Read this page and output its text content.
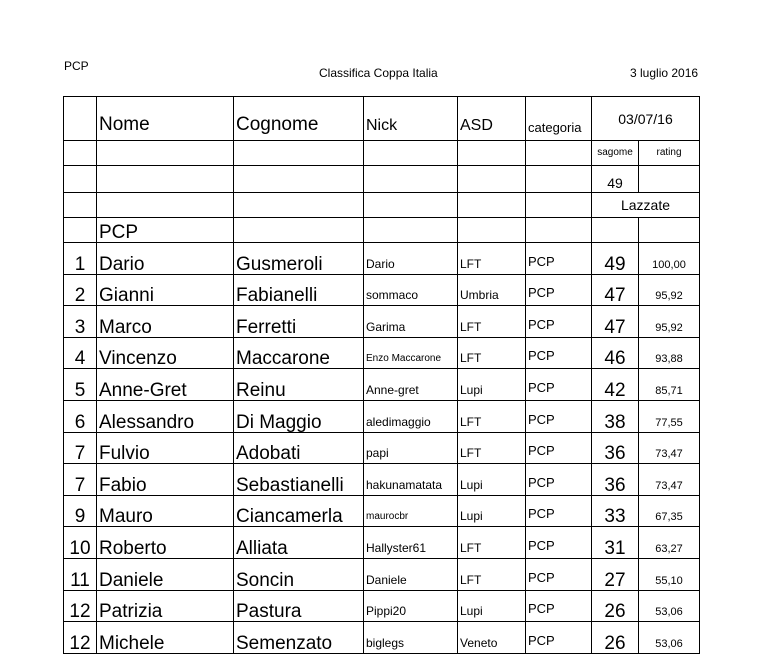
PCP	Classifica Coppa Italia	3 luglio 2016
	Nome	Cognome	Nick	ASD	categoria	03/07/16	
						sagome	rating
						49	
						Lazzate	
	PCP						
1	Dario	Gusmeroli	Dario	LFT	PCP	49	100,00
2	Gianni	Fabianelli	sommaco	Umbria	PCP	47	95,92
3	Marco	Ferretti	Garima	LFT	PCP	47	95,92
4	Vincenzo	Maccarone	Enzo Maccarone	LFT	PCP	46	93,88
5	Anne-Gret	Reinu	Anne-gret	Lupi	PCP	42	85,71
6	Alessandro	Di Maggio	aledimaggio	LFT	PCP	38	77,55
7	Fulvio	Adobati	papi	LFT	PCP	36	73,47
7	Fabio	Sebastianelli	hakunamatata	Lupi	PCP	36	73,47
9	Mauro	Ciancamerla	maurocbr	Lupi	PCP	33	67,35
10	Roberto	Alliata	Hallyster61	LFT	PCP	31	63,27
11	Daniele	Soncin	Daniele	LFT	PCP	27	55,10
12	Patrizia	Pastura	Pippi20	Lupi	PCP	26	53,06
12	Michele	Semenzato	biglegs	Veneto	PCP	26	53,06
